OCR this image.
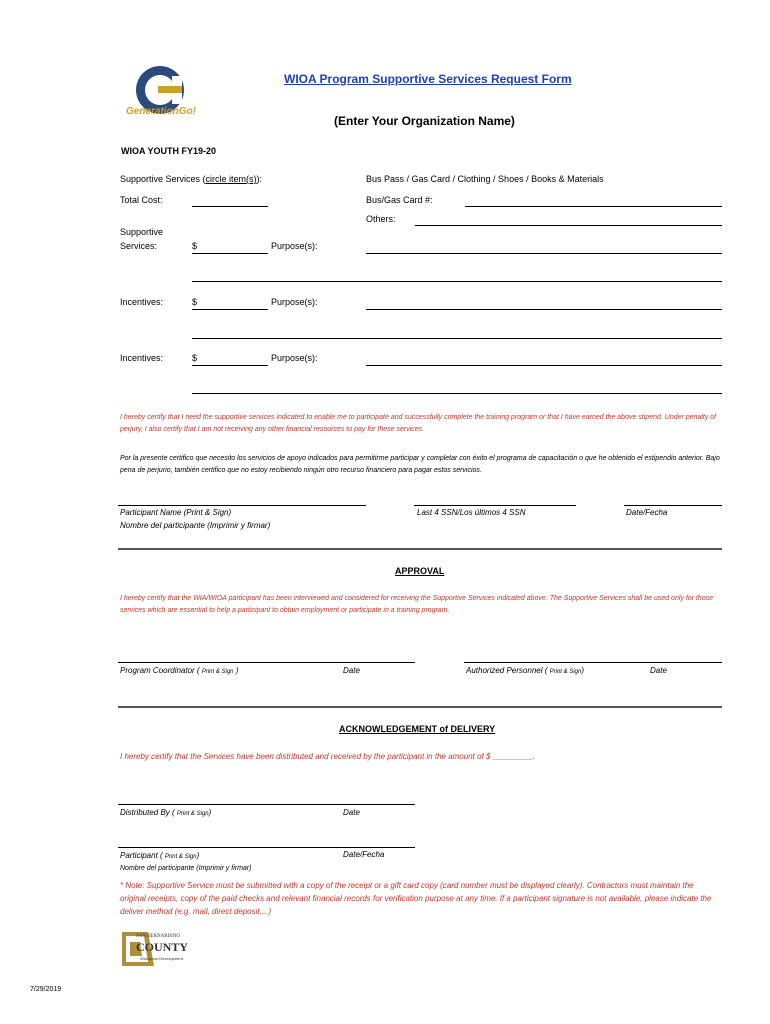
GenerationGo!
WIOA Program Supportive Services Request Form
(Enter Your Organization Name)
WIOA YOUTH FY19-20
Supportive Services (circle item(s)):	Bus Pass / Gas Card / Clothing / Shoes / Books & Materials
Total Cost:	Bus/Gas Card #:
Others:
Supportive
Services:	$	Purpose(s):
Incentives:	$	Purpose(s):
Incentives:	$	Purpose(s):
I hereby certify that I need the supportive services indicated to enable me to participate and successfully complete the training program or that I have earned the above stipend. Under penalty of perjury, I also certify that I am not receiving any other financial resources to pay for these services.
Por la presente certifico que necesito los servicios de apoyo indicados para permitirme participar y completar con éxito el programa de capacitación o que he obtenido el estipendio anterior. Bajo pena de perjurio, también certifico que no estoy recibiendo ningún otro recurso financiero para pagar estos servicios.
Participant Name (Print & Sign)
Nombre del participante (Imprimir y firmar)
Last 4 SSN/Los últimos 4 SSN	Date/Fecha
APPROVAL
I hereby certify that the WIA/WIOA participant has been interviewed and considered for receiving the Supportive Services indicated above. The Supportive Services shall be used only for those services which are essential to help a participant to obtain employment or participate in a training program.
Program Coordinator ( Print & Sign )	Date	Authorized Personnel ( Print & Sign)	Date
ACKNOWLEDGEMENT of DELIVERY
I hereby certify that the Services have been distributed and received by the participant in the amount of $ _________.
Distributed By ( Print & Sign)	Date
Participant ( Print & Sign)	Date/Fecha
Nombre del participante (Imprimir y firmar)
* Note: Supportive Service must be submitted with a copy of the receipt or a gift card copy (card number must be displayed clearly). Contractors must maintain the original receipts, copy of the paid checks and relevant financial records for verification purpose at any time. If a participant signature is not available, please indicate the deliver method (e.g. mail, direct deposit,...)
SAN BERNARDINO
COUNTY
Workforce Development
7/29/2019
